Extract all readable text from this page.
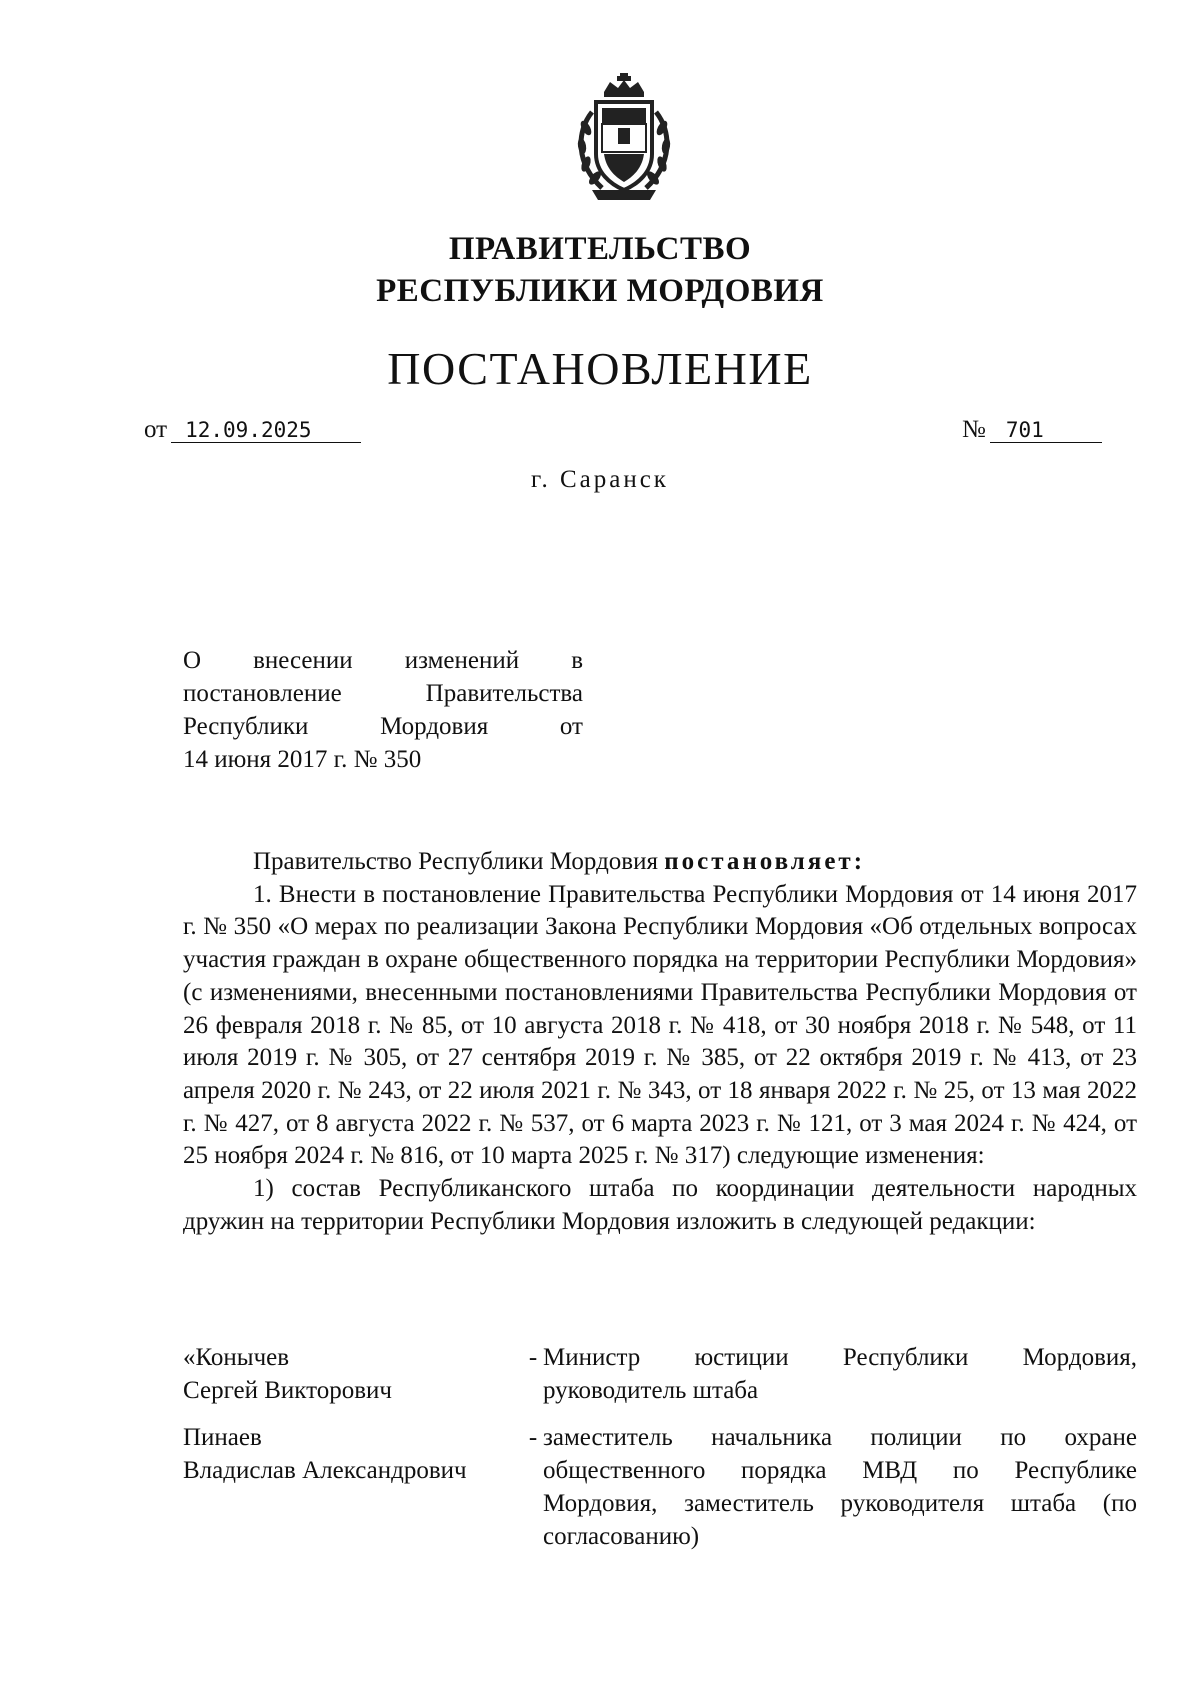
ПРАВИТЕЛЬСТВО
РЕСПУБЛИКИ МОРДОВИЯ
ПОСТАНОВЛЕНИЕ
от 12.09.2025	№ 701
г. Саранск
О внесении изменений в
постановление Правительства
Республики Мордовия от
14 июня 2017 г. № 350

Правительство Республики Мордовия постановляет:

1. Внести в постановление Правительства Республики Мордовия от 14 июня 2017 г. № 350 «О мерах по реализации Закона Республики Мордовия «Об отдельных вопросах участия граждан в охране общественного порядка на территории Республики Мордовия» (с изменениями, внесенными постановлениями Правительства Республики Мордовия от 26 февраля 2018 г. № 85, от 10 августа 2018 г. № 418, от 30 ноября 2018 г. № 548, от 11 июля 2019 г. № 305, от 27 сентября 2019 г. № 385, от 22 октября 2019 г. № 413, от 23 апреля 2020 г. № 243, от 22 июля 2021 г. № 343, от 18 января 2022 г. № 25, от 13 мая 2022 г. № 427, от 8 августа 2022 г. № 537, от 6 марта 2023 г. № 121, от 3 мая 2024 г. № 424, от 25 ноября 2024 г. № 816, от 10 марта 2025 г. № 317) следующие изменения:

1) состав Республиканского штаба по координации деятельности народных дружин на территории Республики Мордовия изложить в следующей редакции:

«Конычев
Сергей Викторович
- Министр юстиции Республики Мордовия, руководитель штаба
Пинаев
Владислав Александрович
- заместитель начальника полиции по охране общественного порядка МВД по Республике Мордовия, заместитель руководителя штаба (по согласованию)
